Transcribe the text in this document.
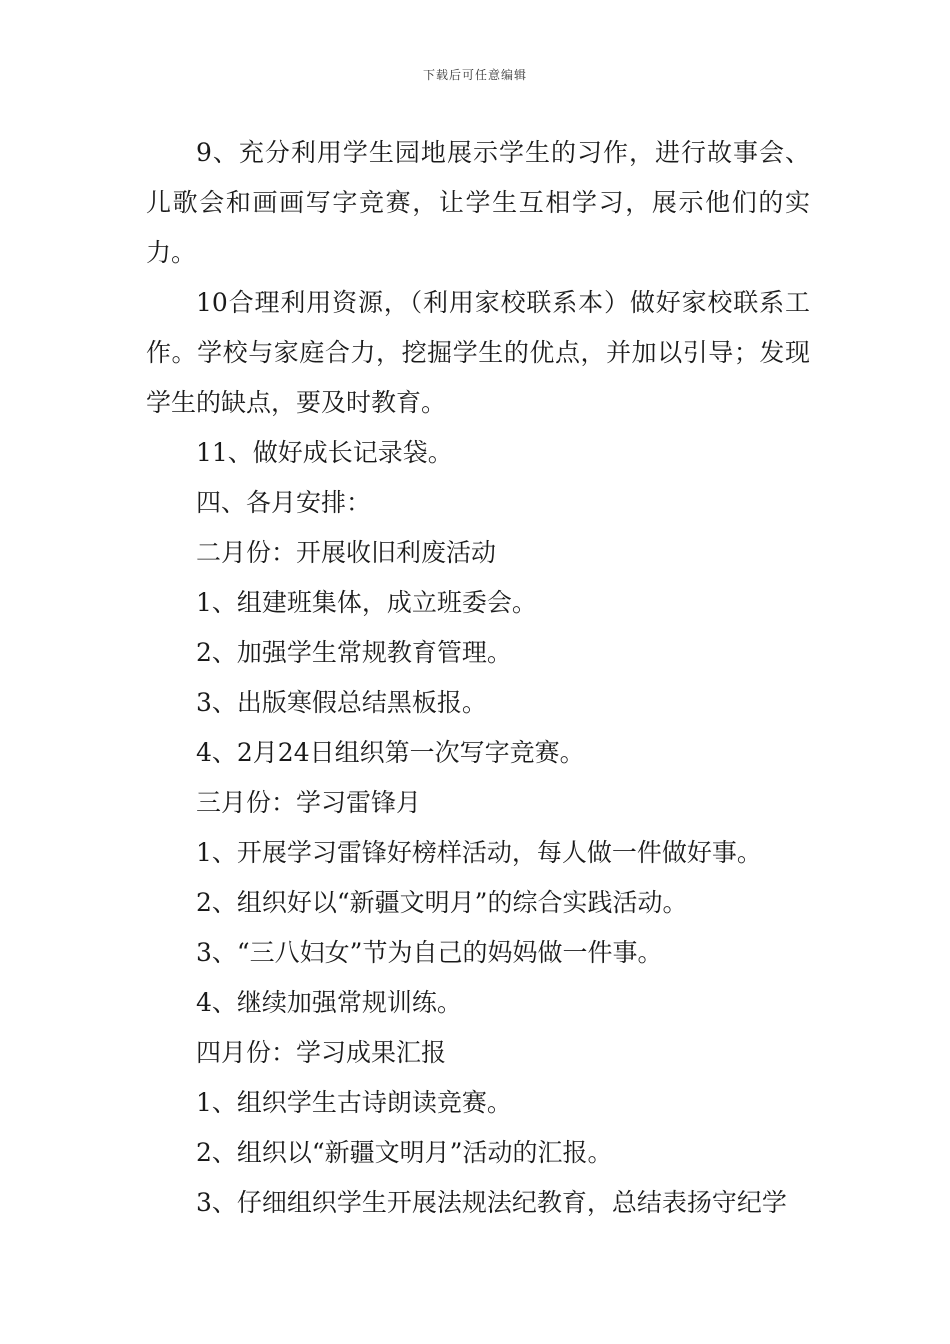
下载后可任意编辑

9、充分利用学生园地展示学生的习作，进行故事会、儿歌会和画画写字竞赛，让学生互相学习，展示他们的实力。

10合理利用资源，（利用家校联系本）做好家校联系工作。学校与家庭合力，挖掘学生的优点，并加以引导；发现学生的缺点，要及时教育。

11、做好成长记录袋。

四、各月安排：

二月份：开展收旧利废活动

1、组建班集体，成立班委会。

2、加强学生常规教育管理。

3、出版寒假总结黑板报。

4、2月24日组织第一次写字竞赛。

三月份：学习雷锋月

1、开展学习雷锋好榜样活动，每人做一件做好事。

2、组织好以“新疆文明月”的综合实践活动。

3、“三八妇女”节为自己的妈妈做一件事。

4、继续加强常规训练。

四月份：学习成果汇报

1、组织学生古诗朗读竞赛。

2、组织以“新疆文明月”活动的汇报。

3、仔细组织学生开展法规法纪教育，总结表扬守纪学
